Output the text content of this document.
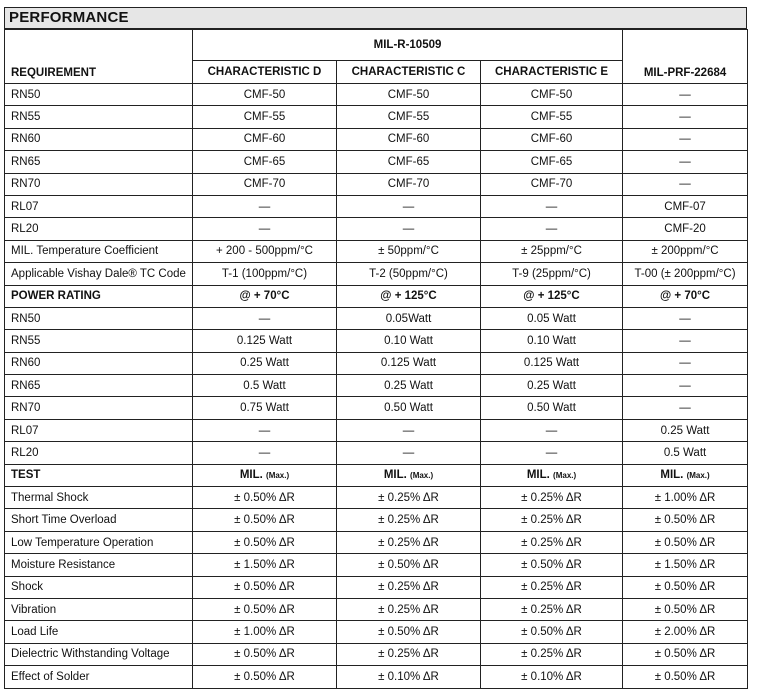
PERFORMANCE
REQUIREMENT	MIL-R-10509			MIL-PRF-22684
	CHARACTERISTIC D	CHARACTERISTIC C	CHARACTERISTIC E	
RN50	CMF-50	CMF-50	CMF-50	—
RN55	CMF-55	CMF-55	CMF-55	—
RN60	CMF-60	CMF-60	CMF-60	—
RN65	CMF-65	CMF-65	CMF-65	—
RN70	CMF-70	CMF-70	CMF-70	—
RL07	—	—	—	CMF-07
RL20	—	—	—	CMF-20
MIL. Temperature Coefficient	+ 200 - 500ppm/°C	± 50ppm/°C	± 25ppm/°C	± 200ppm/°C
Applicable Vishay Dale® TC Code	T-1 (100ppm/°C)	T-2 (50ppm/°C)	T-9 (25ppm/°C)	T-00 (± 200ppm/°C)
POWER RATING	@ + 70°C	@ + 125°C	@ + 125°C	@ + 70°C
RN50	—	0.05Watt	0.05 Watt	—
RN55	0.125 Watt	0.10 Watt	0.10 Watt	—
RN60	0.25 Watt	0.125 Watt	0.125 Watt	—
RN65	0.5 Watt	0.25 Watt	0.25 Watt	—
RN70	0.75 Watt	0.50 Watt	0.50 Watt	—
RL07	—	—	—	0.25 Watt
RL20	—	—	—	0.5 Watt
TEST	MIL. (Max.)	MIL. (Max.)	MIL. (Max.)	MIL. (Max.)
Thermal Shock	± 0.50% ΔR	± 0.25% ΔR	± 0.25% ΔR	± 1.00% ΔR
Short Time Overload	± 0.50% ΔR	± 0.25% ΔR	± 0.25% ΔR	± 0.50% ΔR
Low Temperature Operation	± 0.50% ΔR	± 0.25% ΔR	± 0.25% ΔR	± 0.50% ΔR
Moisture Resistance	± 1.50% ΔR	± 0.50% ΔR	± 0.50% ΔR	± 1.50% ΔR
Shock	± 0.50% ΔR	± 0.25% ΔR	± 0.25% ΔR	± 0.50% ΔR
Vibration	± 0.50% ΔR	± 0.25% ΔR	± 0.25% ΔR	± 0.50% ΔR
Load Life	± 1.00% ΔR	± 0.50% ΔR	± 0.50% ΔR	± 2.00% ΔR
Dielectric Withstanding Voltage	± 0.50% ΔR	± 0.25% ΔR	± 0.25% ΔR	± 0.50% ΔR
Effect of Solder	± 0.50% ΔR	± 0.10% ΔR	± 0.10% ΔR	± 0.50% ΔR
